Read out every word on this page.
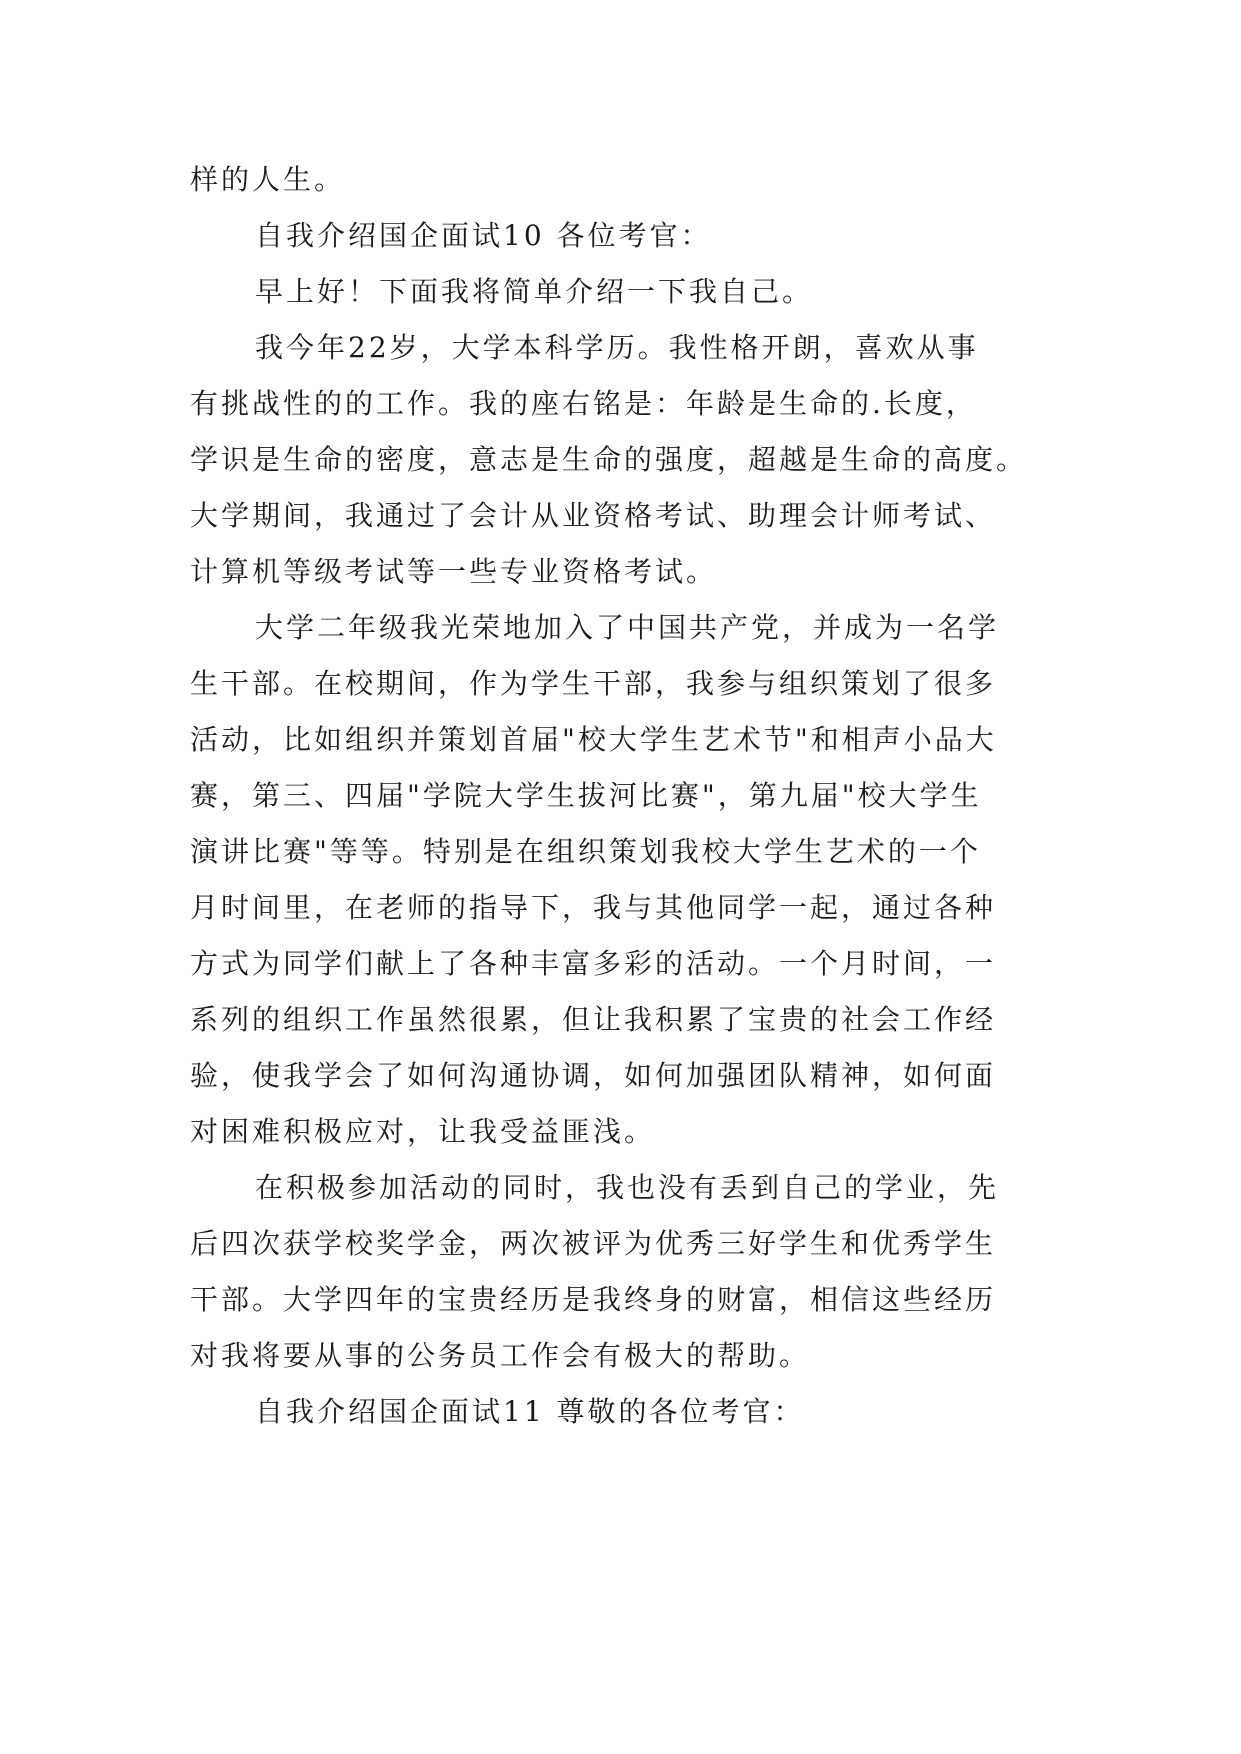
样的人生。
自我介绍国企面试10 各位考官：
早上好！下面我将简单介绍一下我自己。
我今年22岁，大学本科学历。我性格开朗，喜欢从事
有挑战性的的工作。我的座右铭是：年龄是生命的.长度，
学识是生命的密度，意志是生命的强度，超越是生命的高度。
大学期间，我通过了会计从业资格考试、助理会计师考试、
计算机等级考试等一些专业资格考试。
大学二年级我光荣地加入了中国共产党，并成为一名学
生干部。在校期间，作为学生干部，我参与组织策划了很多
活动，比如组织并策划首届"校大学生艺术节"和相声小品大
赛，第三、四届"学院大学生拔河比赛"，第九届"校大学生
演讲比赛"等等。特别是在组织策划我校大学生艺术的一个
月时间里，在老师的指导下，我与其他同学一起，通过各种
方式为同学们献上了各种丰富多彩的活动。一个月时间，一
系列的组织工作虽然很累，但让我积累了宝贵的社会工作经
验，使我学会了如何沟通协调，如何加强团队精神，如何面
对困难积极应对，让我受益匪浅。
在积极参加活动的同时，我也没有丢到自己的学业，先
后四次获学校奖学金，两次被评为优秀三好学生和优秀学生
干部。大学四年的宝贵经历是我终身的财富，相信这些经历
对我将要从事的公务员工作会有极大的帮助。
自我介绍国企面试11 尊敬的各位考官：
